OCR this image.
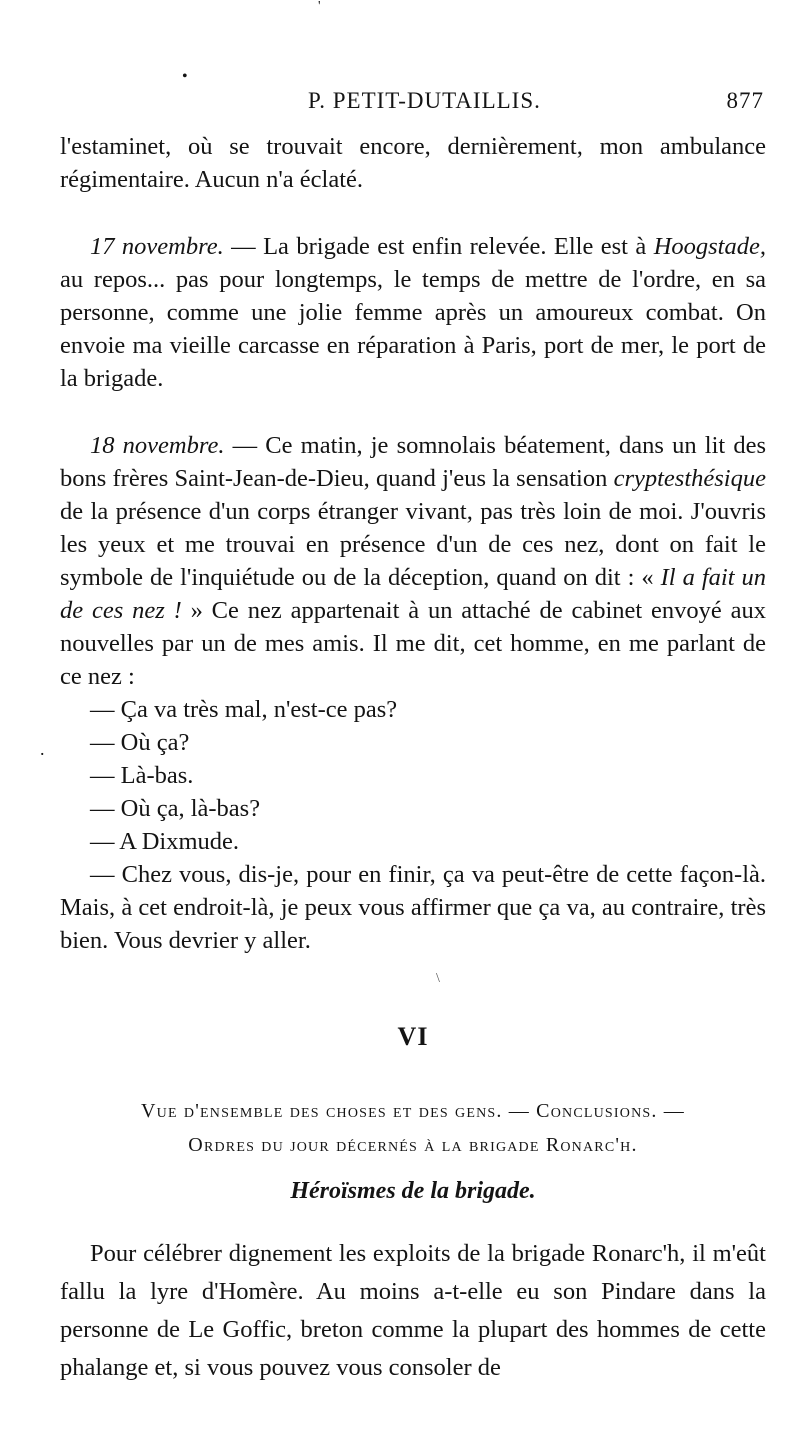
'
•
P. PETIT-DUTAILLIS.	877

l'estaminet, où se trouvait encore, dernièrement, mon ambulance régimentaire. Aucun n'a éclaté.

17 novembre. — La brigade est enfin relevée. Elle est à Hoogstade, au repos... pas pour longtemps, le temps de mettre de l'ordre, en sa personne, comme une jolie femme après un amoureux combat. On envoie ma vieille carcasse en réparation à Paris, port de mer, le port de la brigade.

18 novembre. — Ce matin, je somnolais béatement, dans un lit des bons frères Saint-Jean-de-Dieu, quand j'eus la sensation cryptesthésique de la présence d'un corps étranger vivant, pas très loin de moi. J'ouvris les yeux et me trouvai en présence d'un de ces nez, dont on fait le symbole de l'inquiétude ou de la déception, quand on dit : « Il a fait un de ces nez ! » Ce nez appartenait à un attaché de cabinet envoyé aux nouvelles par un de mes amis. Il me dit, cet homme, en me parlant de ce nez :

— Ça va très mal, n'est-ce pas?

— Où ça?

— Là-bas.

— Où ça, là-bas?

— A Dixmude.

— Chez vous, dis-je, pour en finir, ça va peut-être de cette façon-là. Mais, à cet endroit-là, je peux vous affirmer que ça va, au contraire, très bien. Vous devrier y aller.

.
\
VI
Vue d'ensemble des choses et des gens. — Conclusions. —
Ordres du jour décernés à la brigade Ronarc'h.
Héroïsmes de la brigade.

Pour célébrer dignement les exploits de la brigade Ronarc'h, il m'eût fallu la lyre d'Homère. Au moins a-t-elle eu son Pindare dans la personne de Le Goffic, breton comme la plupart des hommes de cette phalange et, si vous pouvez vous consoler de
